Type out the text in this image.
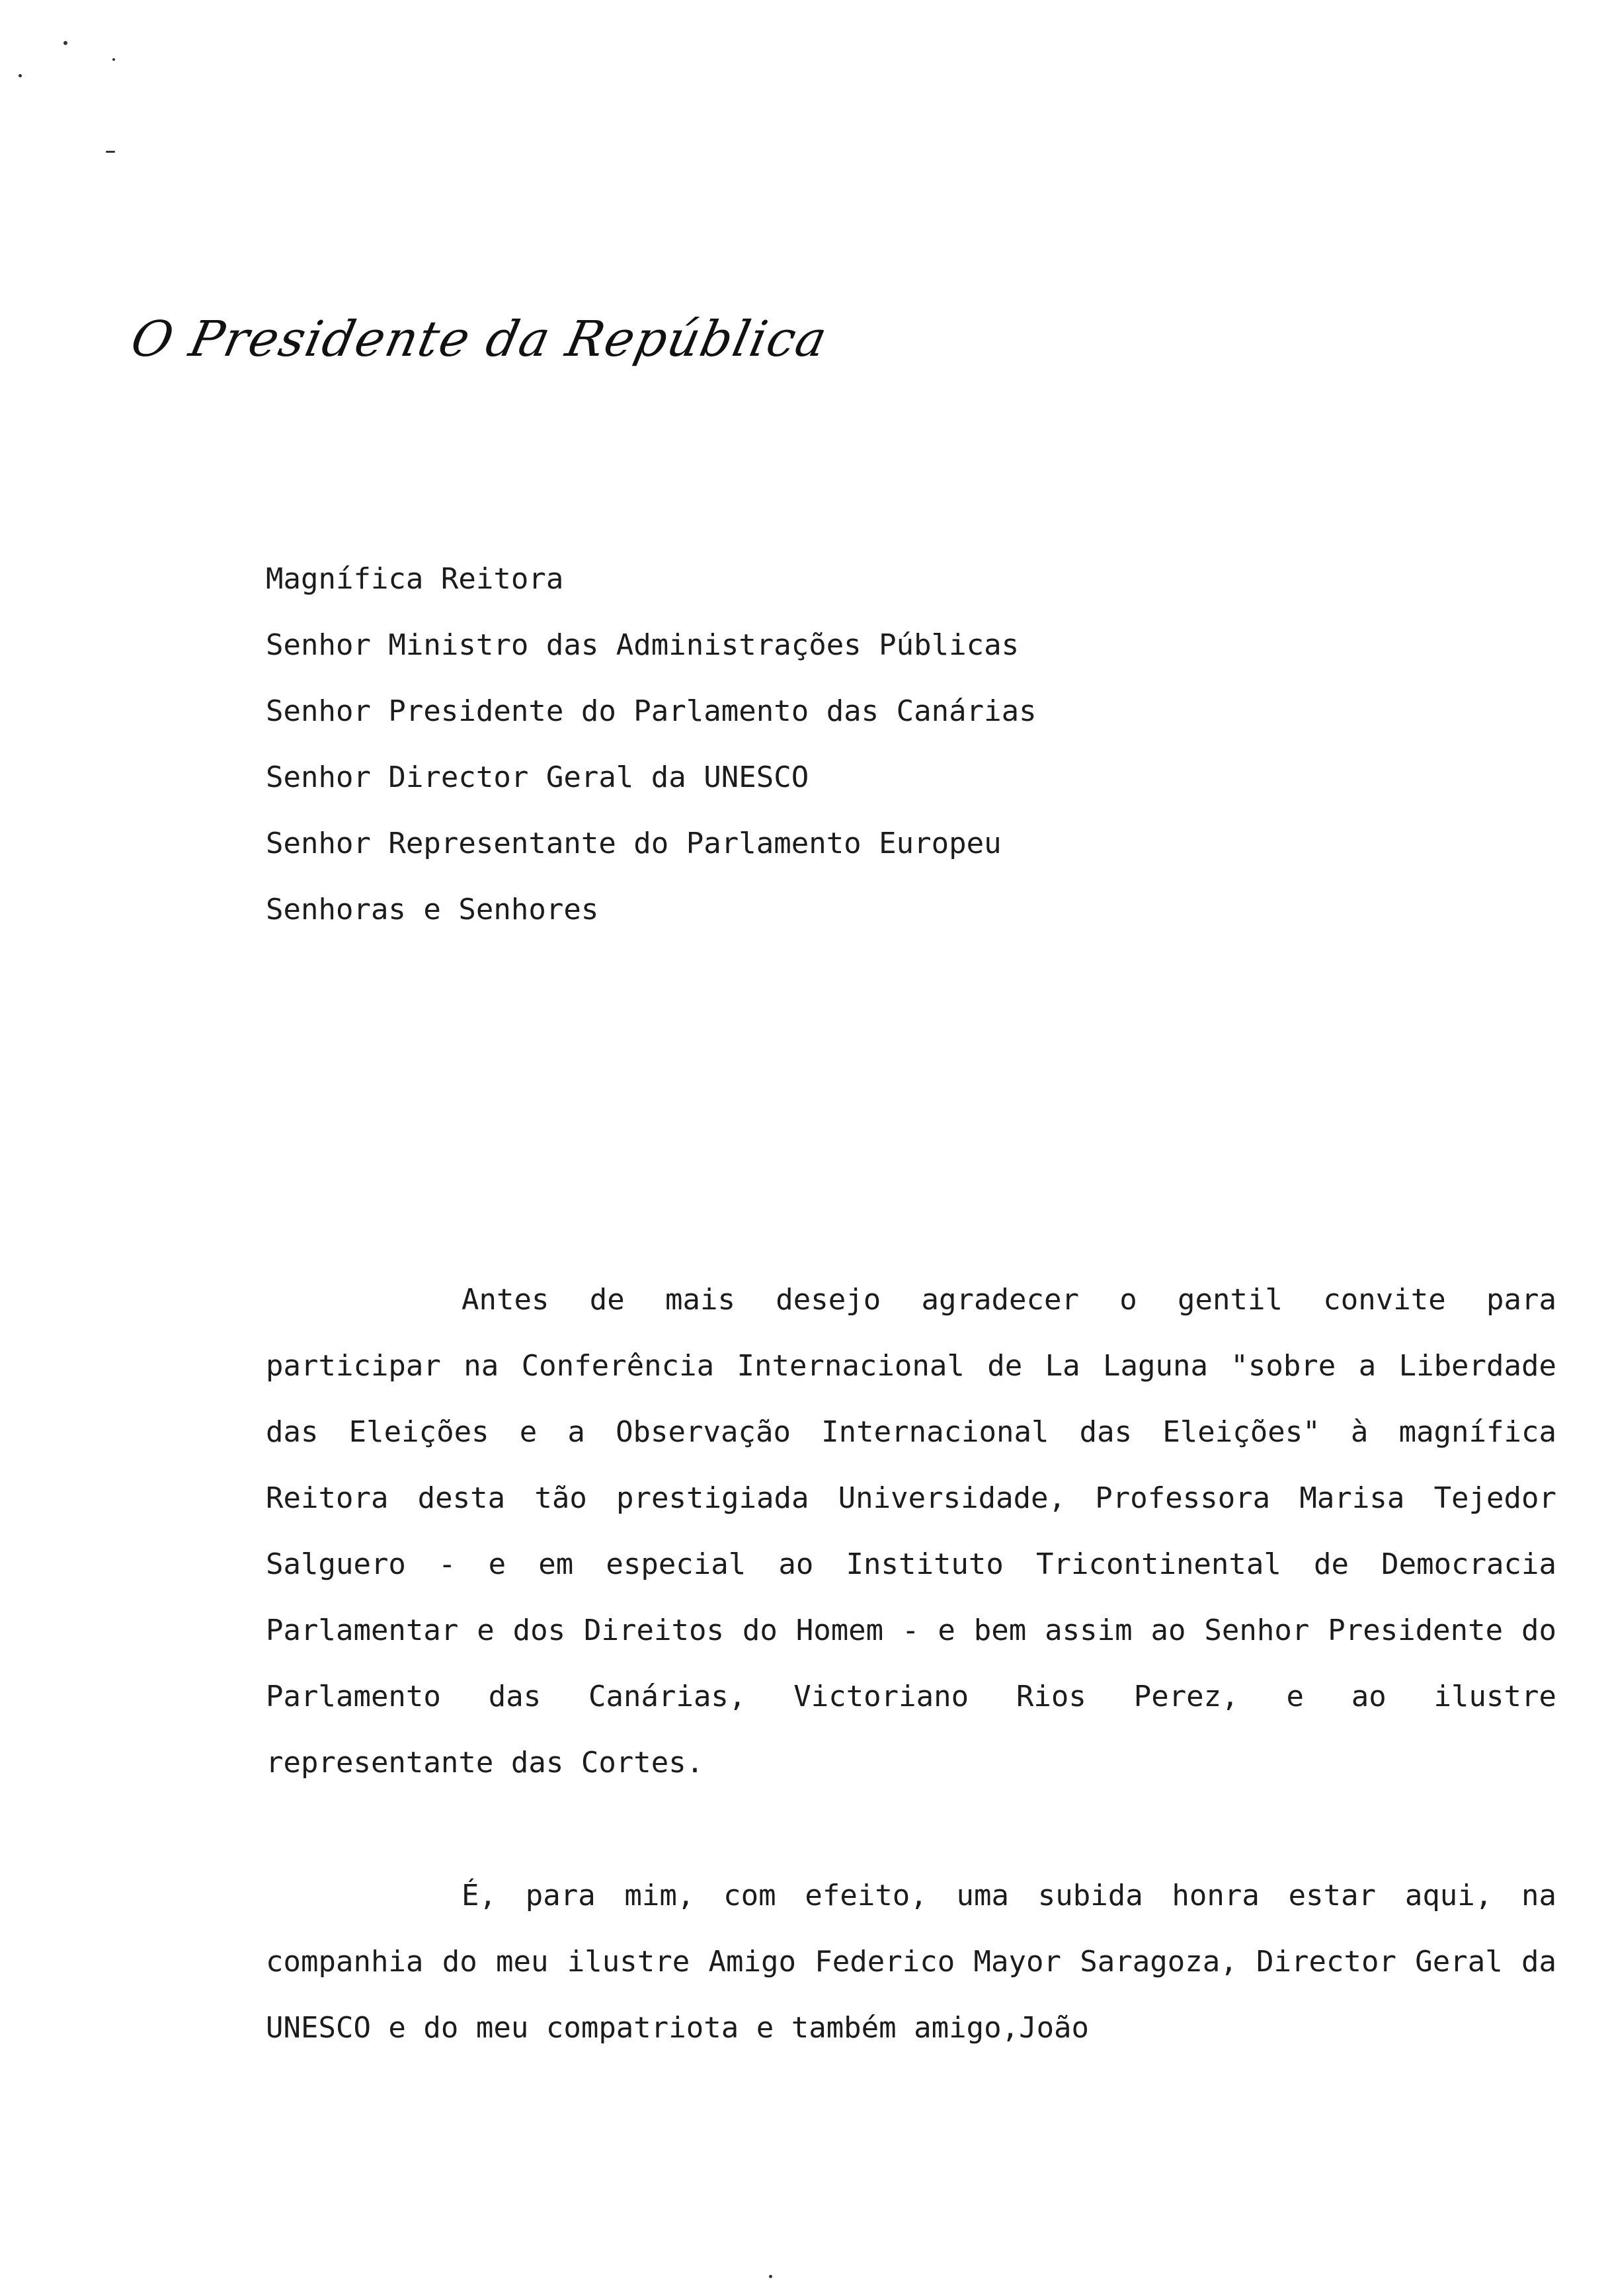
O Presidente da República
Magnífica Reitora
Senhor Ministro das Administrações Públicas
Senhor Presidente do Parlamento das Canárias
Senhor Director Geral da UNESCO
Senhor Representante do Parlamento Europeu
Senhoras e Senhores

Antes de mais desejo agradecer o gentil convite para participar na Conferência Internacional de La Laguna "sobre a Liberdade das Eleições e a Observação Internacional das Eleições" à magnífica Reitora desta tão prestigiada Universidade, Professora Marisa Tejedor Salguero - e em especial ao Instituto Tricontinental de Democracia Parlamentar e dos Direitos do Homem - e bem assim ao Senhor Presidente do Parlamento das Canárias, Victoriano Rios Perez, e ao ilustre representante das Cortes.

É, para mim, com efeito, uma subida honra estar aqui, na companhia do meu ilustre Amigo Federico Mayor Saragoza, Director Geral da UNESCO e do meu compatriota e também amigo,João
